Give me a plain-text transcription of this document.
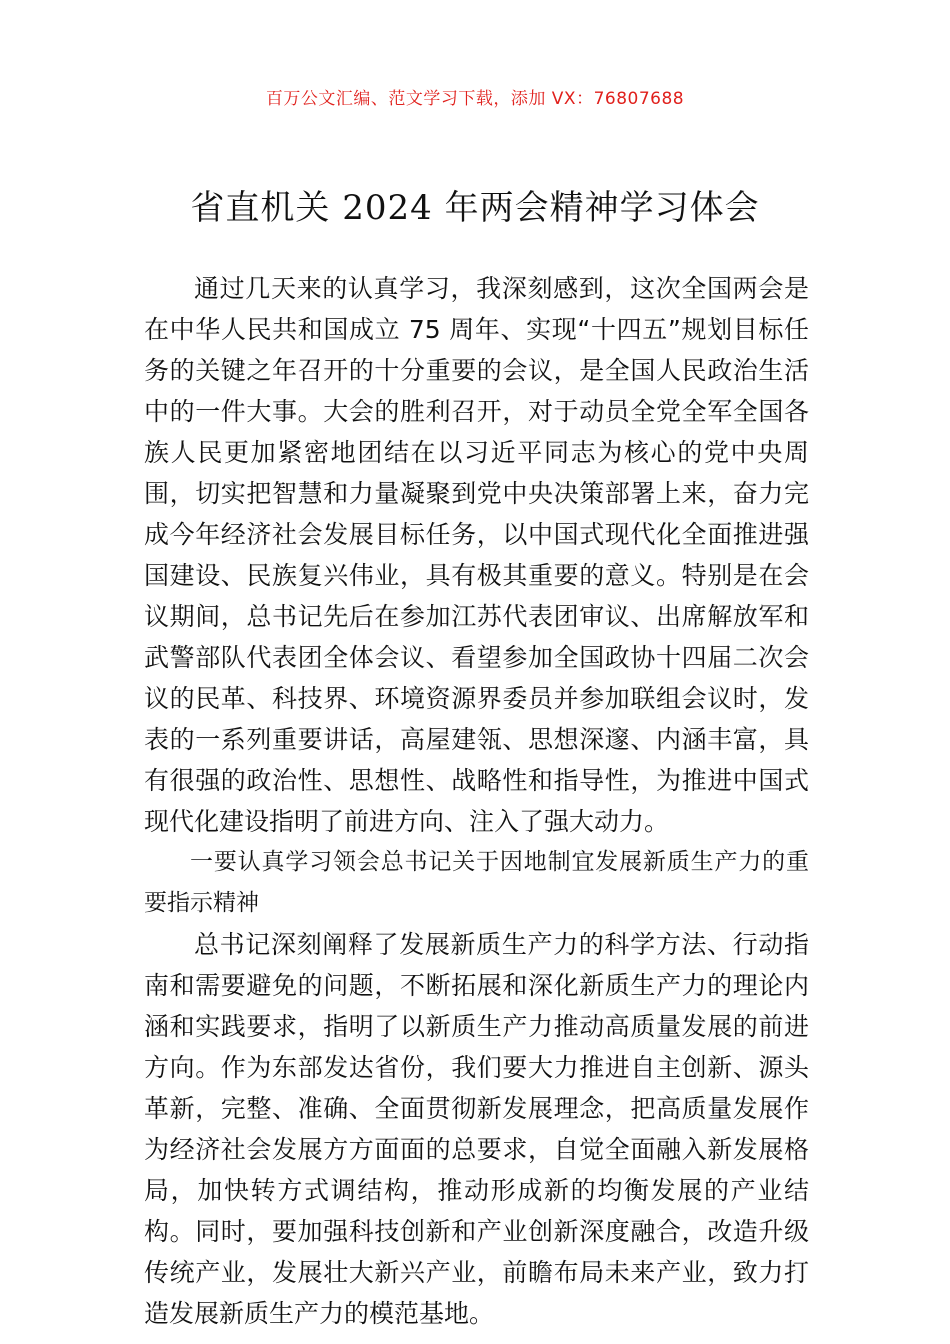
百万公文汇编、范文学习下载，添加 VX：76807688
省直机关 2024 年两会精神学习体会

通过几天来的认真学习，我深刻感到，这次全国两会是在中华人民共和国成立 75 周年、实现“十四五”规划目标任务的关键之年召开的十分重要的会议，是全国人民政治生活中的一件大事。大会的胜利召开，对于动员全党全军全国各族人民更加紧密地团结在以习近平同志为核心的党中央周围，切实把智慧和力量凝聚到党中央决策部署上来，奋力完成今年经济社会发展目标任务，以中国式现代化全面推进强国建设、民族复兴伟业，具有极其重要的意义。特别是在会议期间，总书记先后在参加江苏代表团审议、出席解放军和武警部队代表团全体会议、看望参加全国政协十四届二次会议的民革、科技界、环境资源界委员并参加联组会议时，发表的一系列重要讲话，高屋建瓴、思想深邃、内涵丰富，具有很强的政治性、思想性、战略性和指导性，为推进中国式现代化建设指明了前进方向、注入了强大动力。

一要认真学习领会总书记关于因地制宜发展新质生产力的重要指示精神

总书记深刻阐释了发展新质生产力的科学方法、行动指南和需要避免的问题，不断拓展和深化新质生产力的理论内涵和实践要求，指明了以新质生产力推动高质量发展的前进方向。作为东部发达省份，我们要大力推进自主创新、源头革新，完整、准确、全面贯彻新发展理念，把高质量发展作为经济社会发展方方面面的总要求，自觉全面融入新发展格局，加快转方式调结构，推动形成新的均衡发展的产业结构。同时，要加强科技创新和产业创新深度融合，改造升级传统产业，发展壮大新兴产业，前瞻布局未来产业，致力打造发展新质生产力的模范基地。
